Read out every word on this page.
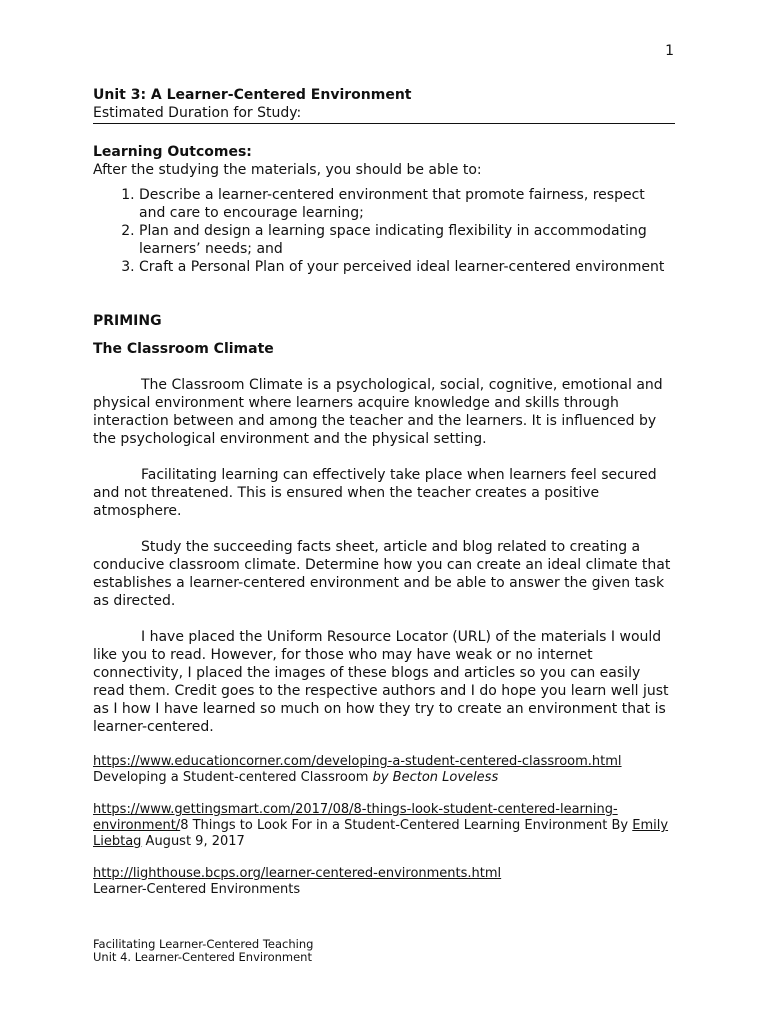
1
Unit 3: A Learner-Centered Environment
Estimated Duration for Study:
Learning Outcomes:
After the studying the materials, you should be able to:
1. Describe a learner-centered environment that promote fairness, respect and care to encourage learning;
2. Plan and design a learning space indicating flexibility in accommodating learners’ needs; and
3. Craft a Personal Plan of your perceived ideal learner-centered environment
PRIMING
The Classroom Climate

The Classroom Climate is a psychological, social, cognitive, emotional and physical environment where learners acquire knowledge and skills through interaction between and among the teacher and the learners. It is influenced by the psychological environment and the physical setting.

Facilitating learning can effectively take place when learners feel secured and not threatened. This is ensured when the teacher creates a positive atmosphere.

Study the succeeding facts sheet, article and blog related to creating a conducive classroom climate. Determine how you can create an ideal climate that establishes a learner-centered environment and be able to answer the given task as directed.

I have placed the Uniform Resource Locator (URL) of the materials I would like you to read. However, for those who may have weak or no internet connectivity, I placed the images of these blogs and articles so you can easily read them. Credit goes to the respective authors and I do hope you learn well just as I how I have learned so much on how they try to create an environment that is learner-centered.

https://www.educationcorner.com/developing-a-student-centered-classroom.html
Developing a Student-centered Classroom by Becton Loveless
https://www.gettingsmart.com/2017/08/8-things-look-student-centered-learning-environment/8 Things to Look For in a Student-Centered Learning Environment By Emily Liebtag August 9, 2017
http://lighthouse.bcps.org/learner-centered-environments.html
Learner-Centered Environments
Facilitating Learner-Centered Teaching
Unit 4. Learner-Centered Environment
